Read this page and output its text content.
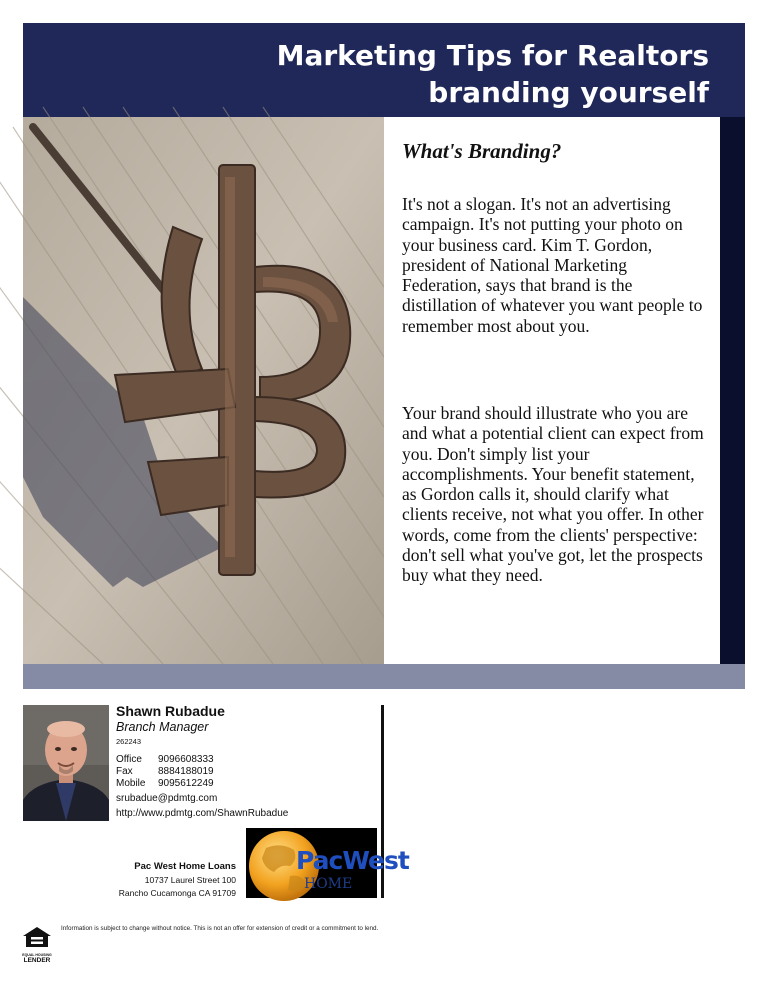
Marketing Tips for Realtors
branding yourself
What's Branding?

It's not a slogan. It's not an advertising campaign. It's not putting your photo on your business card. Kim T. Gordon, president of National Marketing Federation, says that brand is the distillation of whatever you want people to remember most about you.

Your brand should illustrate who you are and what a potential client can expect from you. Don't simply list your accomplishments. Your benefit statement, as Gordon calls it, should clarify what clients receive, not what you offer. In other words, come from the clients' perspective: don't sell what you've got, let the prospects buy what they need.

Shawn Rubadue
Branch Manager
262243
Office 9096608333
Fax	8884188019
Mobile 9095612249
srubadue@pdmtg.com
http://www.pdmtg.com/ShawnRubadue
Pac West Home Loans
10737 Laurel Street 100
Rancho Cucamonga CA 91709
PacWest
HOME
EQUAL HOUSING
LENDER
Information is subject to change without notice. This is not an offer for extension of credit or a commitment to lend.
